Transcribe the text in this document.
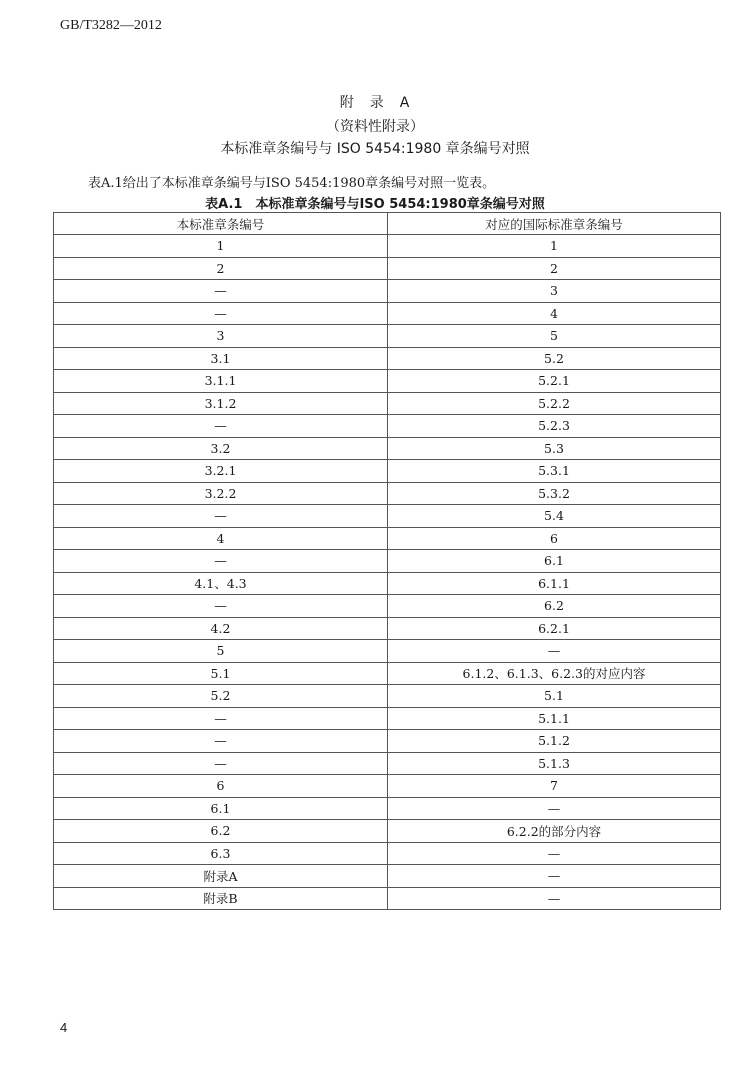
GB/T3282—2012
附　录　A
（资料性附录）
本标准章条编号与 ISO 5454:1980 章条编号对照
表A.1给出了本标准章条编号与ISO 5454:1980章条编号对照一览表。
表A.1　本标准章条编号与ISO 5454:1980章条编号对照
本标准章条编号	对应的国际标准章条编号
1	1
2	2
—	3
—	4
3	5
3.1	5.2
3.1.1	5.2.1
3.1.2	5.2.2
—	5.2.3
3.2	5.3
3.2.1	5.3.1
3.2.2	5.3.2
—	5.4
4	6
—	6.1
4.1、4.3	6.1.1
—	6.2
4.2	6.2.1
5	—
5.1	6.1.2、6.1.3、6.2.3的对应内容
5.2	5.1
—	5.1.1
—	5.1.2
—	5.1.3
6	7
6.1	—
6.2	6.2.2的部分内容
6.3	—
附录A	—
附录B	—
4
